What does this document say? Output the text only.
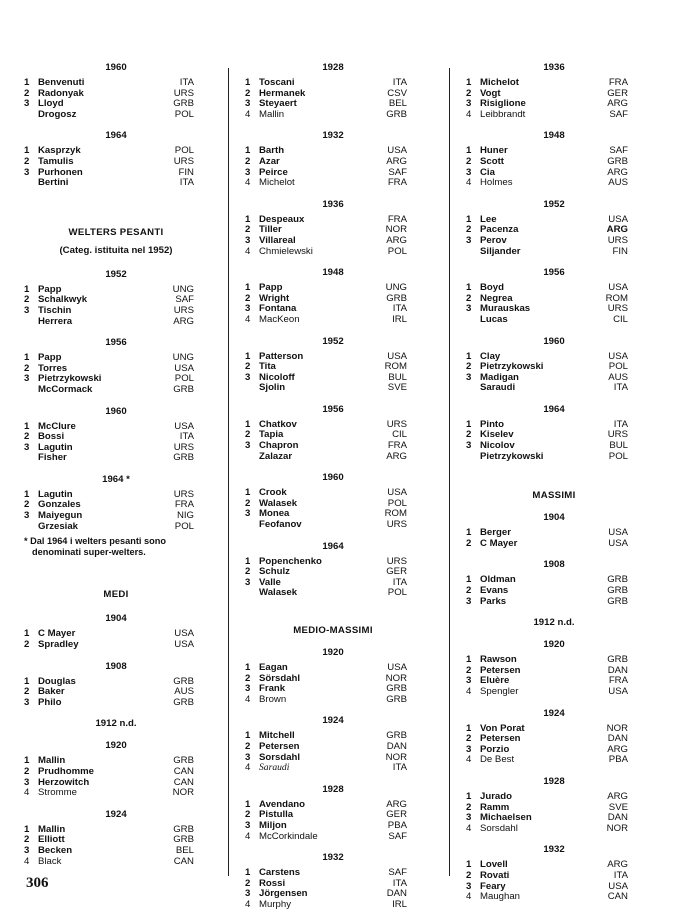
1960
1 Benvenuti	ITA
2 Radonyak	URS
3 Lloyd	GRB
Drogosz	POL
1964
1 Kasprzyk	POL
2 Tamulis	URS
3 Purhonen	FIN
Bertini	ITA
WELTERS PESANTI
(Categ. istituita nel 1952)
1952
1 Papp	UNG
2 Schalkwyk	SAF
3 Tischin	URS
Herrera	ARG
1956
1 Papp	UNG
2 Torres	USA
3 Pietrzykowski	POL
McCormack	GRB
1960
1 McClure	USA
2 Bossi	ITA
3 Lagutin	URS
Fisher	GRB
1964 *
1 Lagutin	URS
2 Gonzales	FRA
3 Maiyegun	NIG
Grzesiak	POL
* Dal 1964 i welters pesanti sono
denominati super-welters.
MEDI
1904
1 C Mayer	USA
2 Spradley	USA
1908
1 Douglas	GRB
2 Baker	AUS
3 Philo	GRB
1912 n.d.
1920
1 Mallin	GRB
2 Prudhomme	CAN
3 Herzowitch	CAN
4 Stromme	NOR
1924
1 Mallin	GRB
2 Elliott	GRB
3 Becken	BEL
4 Black	CAN
1928
1 Toscani	ITA
2 Hermanek	CSV
3 Steyaert	BEL
4 Mallin	GRB
1932
1 Barth	USA
2 Azar	ARG
3 Peirce	SAF
4 Michelot	FRA
1936
1 Despeaux	FRA
2 Tiller	NOR
3 Villareal	ARG
4 Chmielewski	POL
1948
1 Papp	UNG
2 Wright	GRB
3 Fontana	ITA
4 MacKeon	IRL
1952
1 Patterson	USA
2 Tita	ROM
3 Nicoloff	BUL
Sjolin	SVE
1956
1 Chatkov	URS
2 Tapia	CIL
3 Chapron	FRA
Zalazar	ARG
1960
1 Crook	USA
2 Walasek	POL
3 Monea	ROM
Feofanov	URS
1964
1 Popenchenko	URS
2 Schulz	GER
3 Valle	ITA
Walasek	POL
MEDIO-MASSIMI
1920
1 Eagan	USA
2 Sörsdahl	NOR
3 Frank	GRB
4 Brown	GRB
1924
1 Mitchell	GRB
2 Petersen	DAN
3 Sorsdahl	NOR
4 Saraudi	ITA
1928
1 Avendano	ARG
2 Pistulla	GER
3 Miljon	PBA
4 McCorkindale	SAF
1932
1 Carstens	SAF
2 Rossi	ITA
3 Jörgensen	DAN
4 Murphy	IRL
1936
1 Michelot	FRA
2 Vogt	GER
3 Risiglione	ARG
4 Leibbrandt	SAF
1948
1 Huner	SAF
2 Scott	GRB
3 Cia	ARG
4 Holmes	AUS
1952
1 Lee	USA
2 Pacenza	ARG
3 Perov	URS
Siljander	FIN
1956
1 Boyd	USA
2 Negrea	ROM
3 Murauskas	URS
Lucas	CIL
1960
1 Clay	USA
2 Pietrzykowski	POL
3 Madigan	AUS
Saraudi	ITA
1964
1 Pinto	ITA
2 Kiselev	URS
3 Nicolov	BUL
Pietrzykowski	POL
MASSIMI
1904
1 Berger	USA
2 C Mayer	USA
1908
1 Oldman	GRB
2 Evans	GRB
3 Parks	GRB
1912 n.d.
1920
1 Rawson	GRB
2 Petersen	DAN
3 Eluère	FRA
4 Spengler	USA
1924
1 Von Porat	NOR
2 Petersen	DAN
3 Porzio	ARG
4 De Best	PBA
1928
1 Jurado	ARG
2 Ramm	SVE
3 Michaelsen	DAN
4 Sorsdahl	NOR
1932
1 Lovell	ARG
2 Rovati	ITA
3 Feary	USA
4 Maughan	CAN
306
